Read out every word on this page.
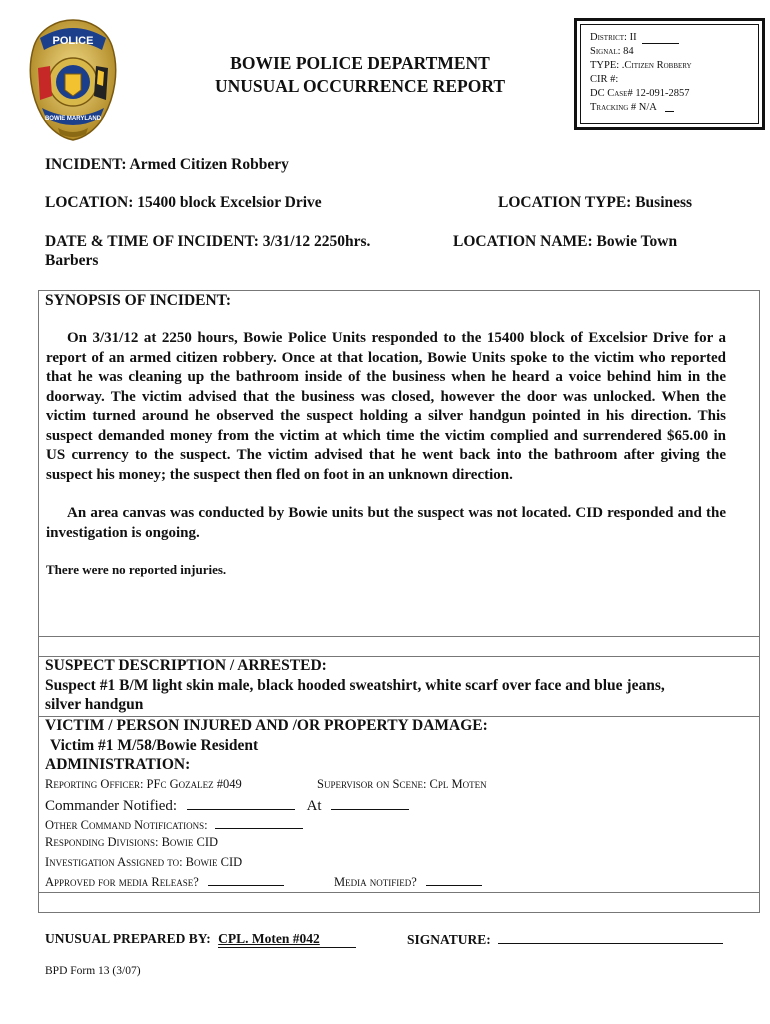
POLICE
BOWIE MARYLAND
BOWIE POLICE DEPARTMENT
UNUSUAL OCCURRENCE REPORT
District: II
Signal: 84
TYPE: .Citizen Robbery
CIR #:
DC Case# 12-091-2857
Tracking # N/A
INCIDENT: Armed Citizen Robbery
LOCATION: 15400 block Excelsior Drive	LOCATION TYPE: Business
DATE & TIME OF INCIDENT: 3/31/12 2250hrs.	LOCATION NAME: Bowie Town
Barbers
SYNOPSIS OF INCIDENT:
On 3/31/12 at 2250 hours, Bowie Police Units responded to the 15400 block of Excelsior Drive for a report of an armed citizen robbery. Once at that location, Bowie Units spoke to the victim who reported that he was cleaning up the bathroom inside of the business when he heard a voice behind him in the doorway. The victim advised that the business was closed, however the door was unlocked. When the victim turned around he observed the suspect holding a silver handgun pointed in his direction. This suspect demanded money from the victim at which time the victim complied and surrendered $65.00 in US currency to the suspect. The victim advised that he went back into the bathroom after giving the suspect his money; the suspect then fled on foot in an unknown direction.
An area canvas was conducted by Bowie units but the suspect was not located. CID responded and the investigation is ongoing.
There were no reported injuries.
SUSPECT DESCRIPTION / ARRESTED:
Suspect #1 B/M light skin male, black hooded sweatshirt, white scarf over face and blue jeans,
silver handgun
VICTIM / PERSON INJURED AND /OR PROPERTY DAMAGE:
Victim #1 M/58/Bowie Resident
ADMINISTRATION:
Reporting Officer: PFc Gozalez #049	Supervisor on Scene: Cpl Moten
Commander Notified:	At
Other Command Notifications:
Responding Divisions: Bowie CID
Investigation Assigned to: Bowie CID
Approved for media Release?	Media notified?
UNUSUAL PREPARED BY: CPL. Moten #042	SIGNATURE:
BPD Form 13 (3/07)
